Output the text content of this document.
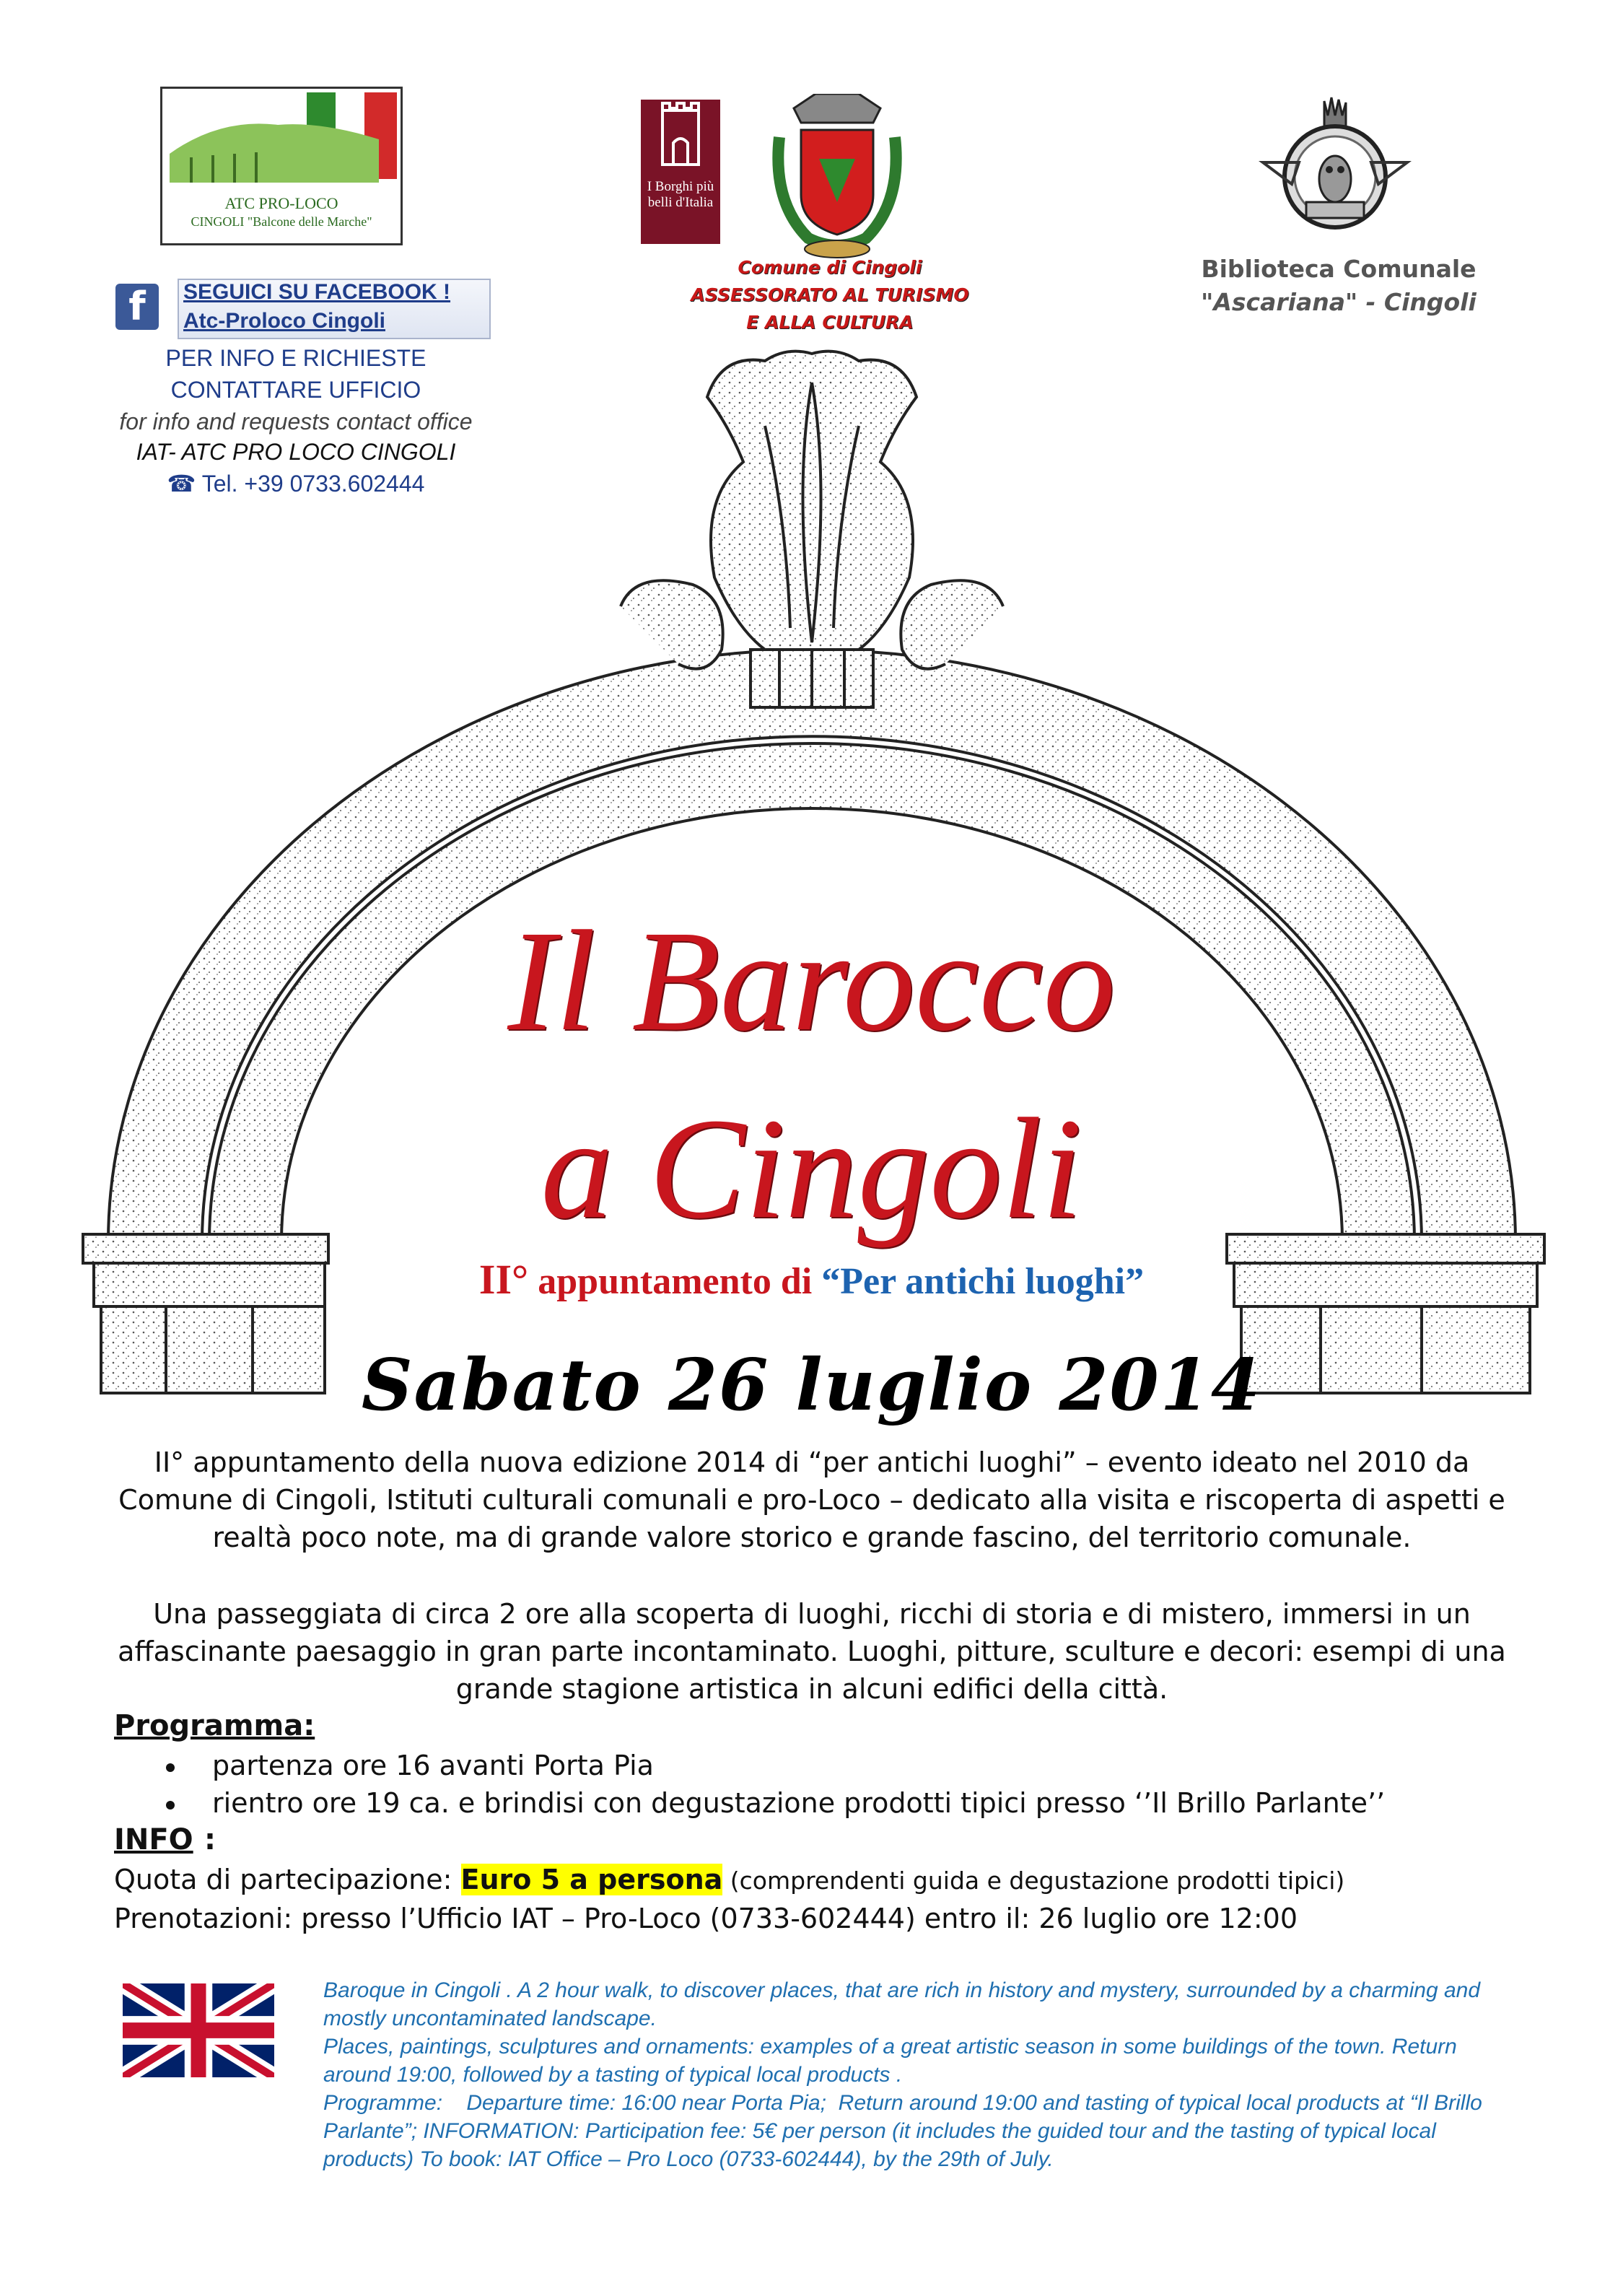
ATC PRO-LOCO
CINGOLI "Balcone delle Marche"
I Borghi più belli d'Italia
Comune di Cingoli
ASSESSORATO AL TURISMO
E ALLA CULTURA
Biblioteca Comunale
"Ascariana" - Cingoli
f	SEGUICI SU FACEBOOK !
Atc-Proloco Cingoli
PER INFO E RICHIESTE
CONTATTARE UFFICIO
for info and requests contact office
IAT- ATC PRO LOCO CINGOLI
☎ Tel. +39 0733.602444
Il Barocco
a Cingoli
II° appuntamento di “Per antichi luoghi”
Sabato 26 luglio 2014
II° appuntamento della nuova edizione 2014 di “per antichi luoghi” – evento ideato nel 2010 da Comune di Cingoli, Istituti culturali comunali e pro-Loco – dedicato alla visita e riscoperta di aspetti e realtà poco note, ma di grande valore storico e grande fascino, del territorio comunale.
Una passeggiata di circa 2 ore alla scoperta di luoghi, ricchi di storia e di mistero, immersi in un affascinante paesaggio in gran parte incontaminato. Luoghi, pitture, sculture e decori: esempi di una grande stagione artistica in alcuni edifici della città.
Programma:
partenza ore 16 avanti Porta Pia
rientro ore 19 ca. e brindisi con degustazione prodotti tipici presso ‘’Il Brillo Parlante’’
INFO :
Quota di partecipazione: Euro 5 a persona (comprendenti guida e degustazione prodotti tipici)
Prenotazioni: presso l’Ufficio IAT – Pro-Loco (0733-602444) entro il: 26 luglio ore 12:00
Baroque in Cingoli . A 2 hour walk, to discover places, that are rich in history and mystery, surrounded by a charming and mostly uncontaminated landscape.
Places, paintings, sculptures and ornaments: examples of a great artistic season in some buildings of the town. Return around 19:00, followed by a tasting of typical local products .
Programme:    Departure time: 16:00 near Porta Pia;  Return around 19:00 and tasting of typical local products at “Il Brillo Parlante”; INFORMATION: Participation fee: 5€ per person (it includes the guided tour and the tasting of typical local products) To book: IAT Office – Pro Loco (0733-602444), by the 29th of July.
